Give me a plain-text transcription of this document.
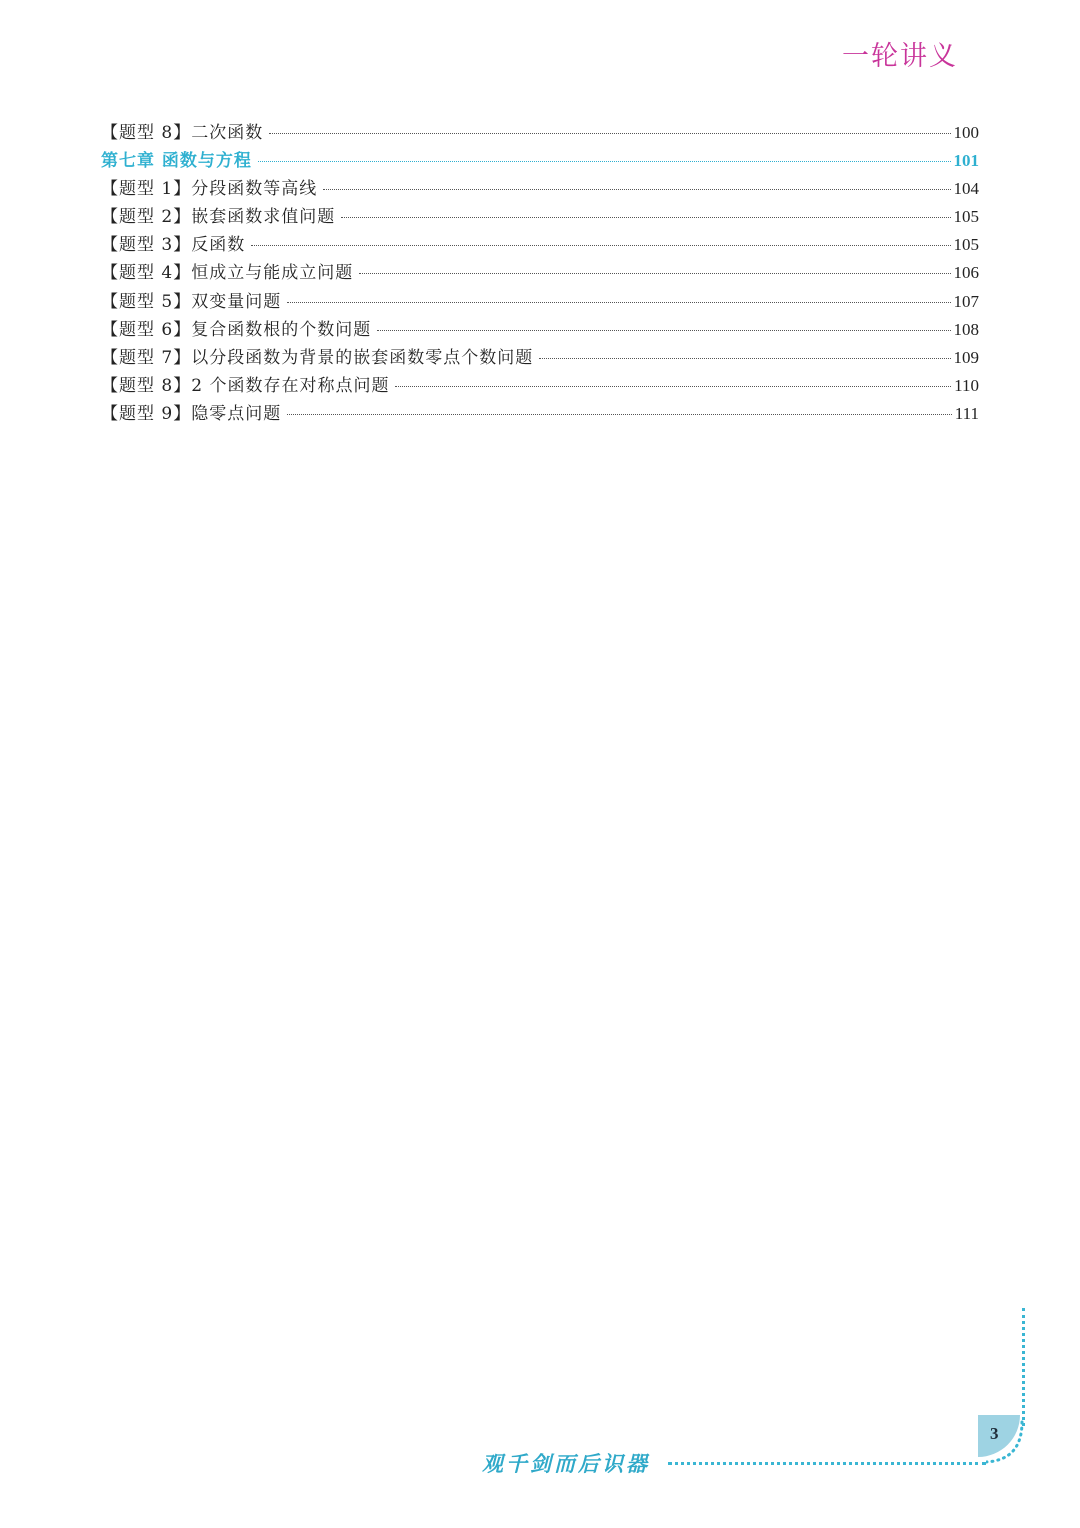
一轮讲义
【题型 8】二次函数	100
第七章 函数与方程	101
【题型 1】分段函数等高线	104
【题型 2】嵌套函数求值问题	105
【题型 3】反函数	105
【题型 4】恒成立与能成立问题	106
【题型 5】双变量问题	107
【题型 6】复合函数根的个数问题	108
【题型 7】以分段函数为背景的嵌套函数零点个数问题	109
【题型 8】2 个函数存在对称点问题	110
【题型 9】隐零点问题	111
3
观千剑而后识器
